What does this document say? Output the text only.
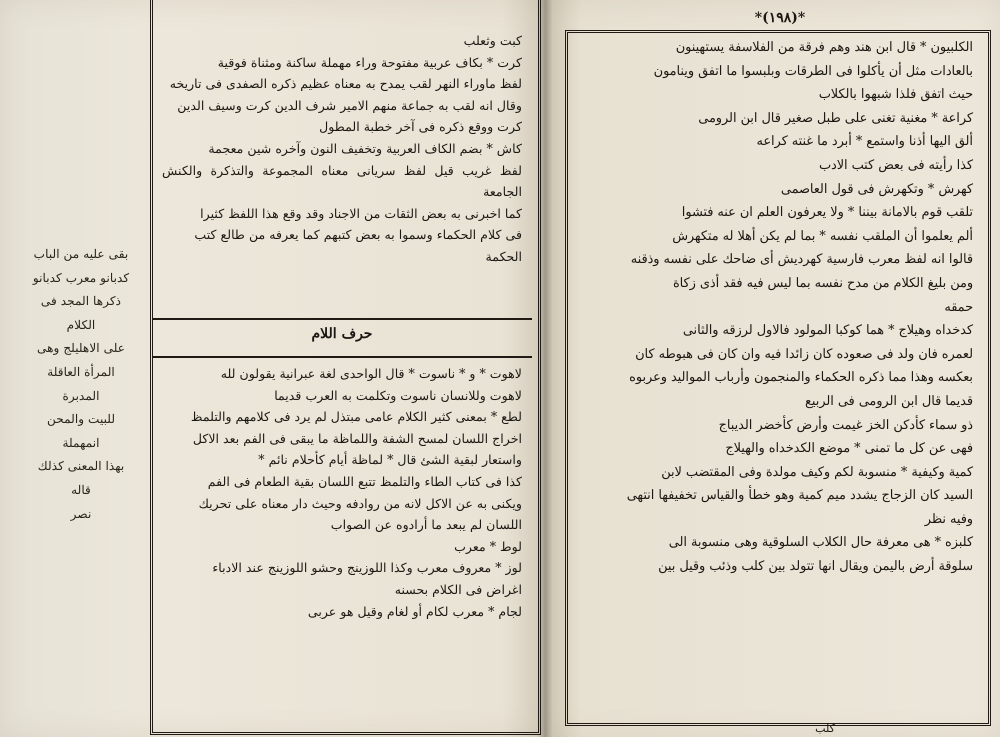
كبت وثعلب

كرت * بكاف عربية مفتوحة وراء مهملة ساكنة ومثناة فوقية

لفظ ماوراء النهر لقب يمدح به معناه عظيم ذكره الصفدى فى تاريخه

وقال انه لقب به جماعة منهم الامير شرف الدين كرت وسيف الدين

كرت ووقع ذكره فى آخر خطبة المطول

كاش * بضم الكاف العربية وتخفيف النون وآخره شين معجمة

لفظ غريب قيل لفظ سريانى معناه المجموعة والتذكرة والكنش الجامعة

كما اخبرنى به بعض الثقات من الاجناد وقد وقع هذا اللفظ كثيرا

فى كلام الحكماء وسموا به بعض كتبهم كما يعرفه من طالع كتب

الحكمة

حرف اللام

لاهوت * و * ناسوت * قال الواحدى لغة عبرانية يقولون لله

لاهوت وللانسان ناسوت وتكلمت به العرب قديما

لطع * بمعنى كثير الكلام عامى مبتذل لم يرد فى كلامهم والتلمظ

اخراج اللسان لمسح الشفة واللماظة ما يبقى فى الفم بعد الاكل

واستعار لبقية الشئ قال * لماظة أيام كأحلام نائم *

كذا فى كتاب الطاء والتلمظ تتبع اللسان بقية الطعام فى الفم

ويكنى به عن الاكل لانه من روادفه وحيث دار معناه على تحريك

اللسان لم يبعد ما أرادوه عن الصواب

لوط * معرب

لوز * معروف معرب وكذا اللوزينج وحشو اللوزينج عند الادباء

اغراض فى الكلام بحسنه

لجام * معرب لكام أو لغام وقيل هو عربى

بقى عليه من الباب
كدبانو معرب كدبانو
ذكرها المجد فى الكلام
على الاهليلج وهى
المرأة العاقلة المدبرة
للبيت والمحن انمهملة
بهذا المعنى كذلك قاله
نصر
*(١٩٨)*

الكلبيون * قال ابن هند وهم فرقة من الفلاسفة يستهينون

بالعادات مثل أن يأكلوا فى الطرقات وبلبسوا ما اتفق وينامون

حيث اتفق فلذا شبهوا بالكلاب

كراعة * مغنية تغنى على طبل صغير قال ابن الرومى

ألق اليها أذنا واستمع * أبرد ما غنته كراعه

كذا رأيته فى بعض كتب الادب

كهرش * وتكهرش فى قول العاصمى

تلقب قوم بالامانة بيننا * ولا يعرفون العلم ان عنه فتشوا

ألم يعلموا أن الملقب نفسه * بما لم يكن أهلا له متكهرش

قالوا انه لفظ معرب فارسية كهرديش أى ضاحك على نفسه وذقنه

ومن بليغ الكلام من مدح نفسه بما ليس فيه فقد أذى زكاة

حمقه

كدخداه وهيلاج * هما كوكبا المولود فالاول لرزقه والثانى

لعمره فان ولد فى صعوده كان زائدا فيه وان كان فى هبوطه كان

بعكسه وهذا مما ذكره الحكماء والمنجمون وأرباب المواليد وعربوه

قديما قال ابن الرومى فى الربيع

ذو سماء كأدكن الخز غيمت وأرض كأخضر الديباج

فهى عن كل ما تمنى * موضع الكدخداه والهيلاج

كمية وكيفية * منسوبة لكم وكيف مولدة وفى المقتضب لابن

السيد كان الزجاج يشدد ميم كمية وهو خطأ والقياس تخفيفها انتهى

وفيه نظر

كلبزه * هى معرفة حال الكلاب السلوقية وهى منسوبة الى

سلوقة أرض باليمن ويقال انها تتولد بين كلب وذئب وقيل بين

كلب
